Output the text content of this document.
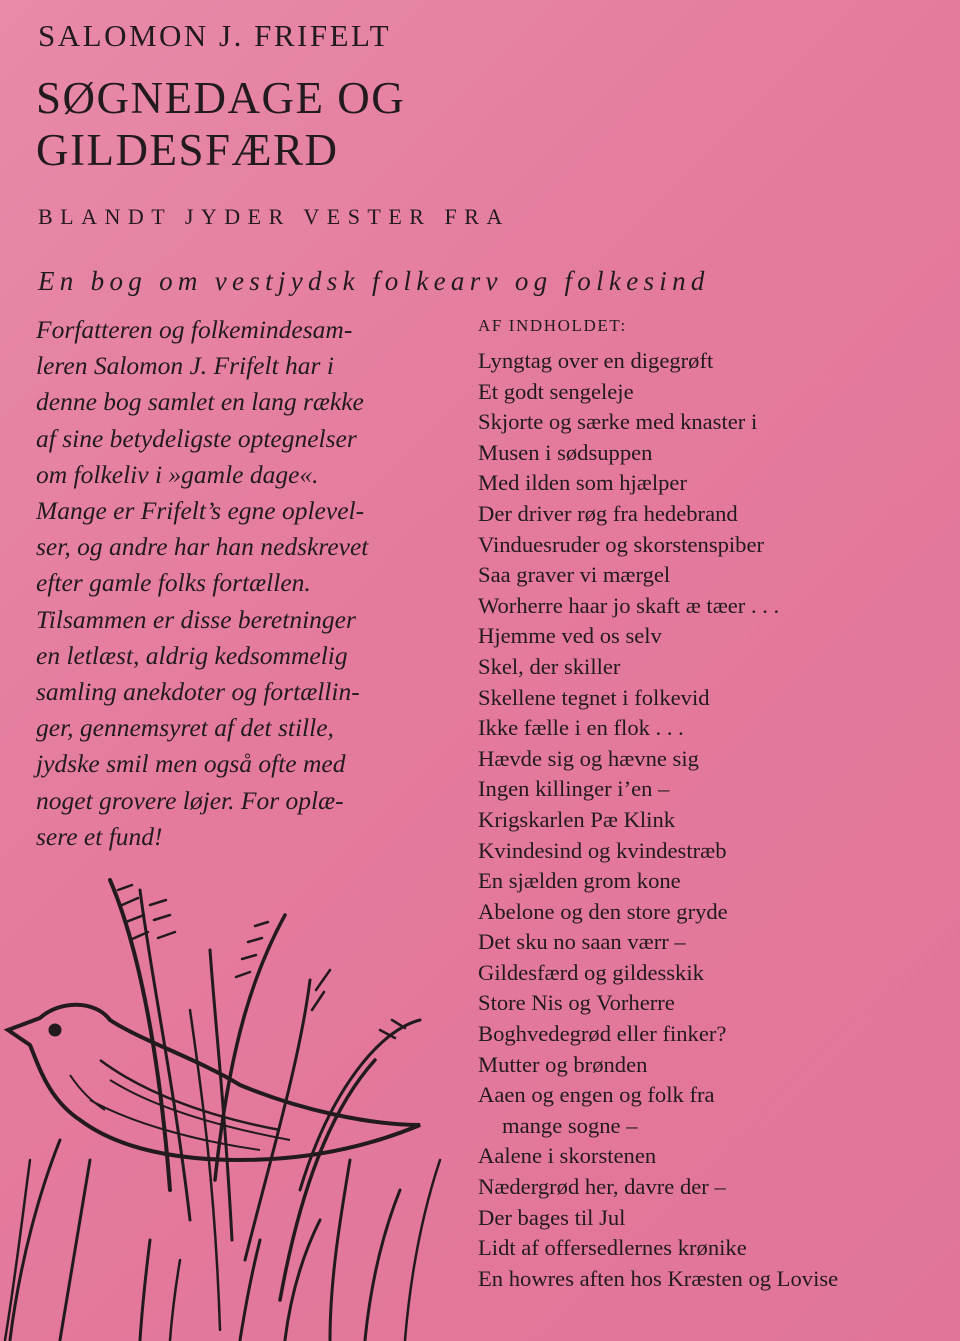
SALOMON J. FRIFELT
SØGNEDAGE OG
GILDESFÆRD
BLANDT JYDER VESTER FRA
En bog om vestjydsk folkearv og folkesind
Forfatteren og folkemindesam-
leren Salomon J. Frifelt har i
denne bog samlet en lang række
af sine betydeligste optegnelser
om folkeliv i »gamle dage«.
Mange er Frifelt’s egne oplevel-
ser, og andre har han nedskrevet
efter gamle folks fortællen.
Tilsammen er disse beretninger
en letlæst, aldrig kedsommelig
samling anekdoter og fortællin-
ger, gennemsyret af det stille,
jydske smil men også ofte med
noget grovere løjer. For oplæ-
sere et fund!
AF INDHOLDET:
Lyngtag over en digegrøft
Et godt sengeleje
Skjorte og særke med knaster i
Musen i sødsuppen
Med ilden som hjælper
Der driver røg fra hedebrand
Vinduesruder og skorstenspiber
Saa graver vi mærgel
Worherre haar jo skaft æ tæer . . .
Hjemme ved os selv
Skel, der skiller
Skellene tegnet i folkevid
Ikke fælle i en flok . . .
Hævde sig og hævne sig
Ingen killinger i’en –
Krigskarlen Pæ Klink
Kvindesind og kvindestræb
En sjælden grom kone
Abelone og den store gryde
Det sku no saan værr –
Gildesfærd og gildesskik
Store Nis og Vorherre
Boghvedegrød eller finker?
Mutter og brønden
Aaen og engen og folk fra
mange sogne –
Aalene i skorstenen
Nædergrød her, davre der –
Der bages til Jul
Lidt af offersedlernes krønike
En howres aften hos Kræsten og Lovise
